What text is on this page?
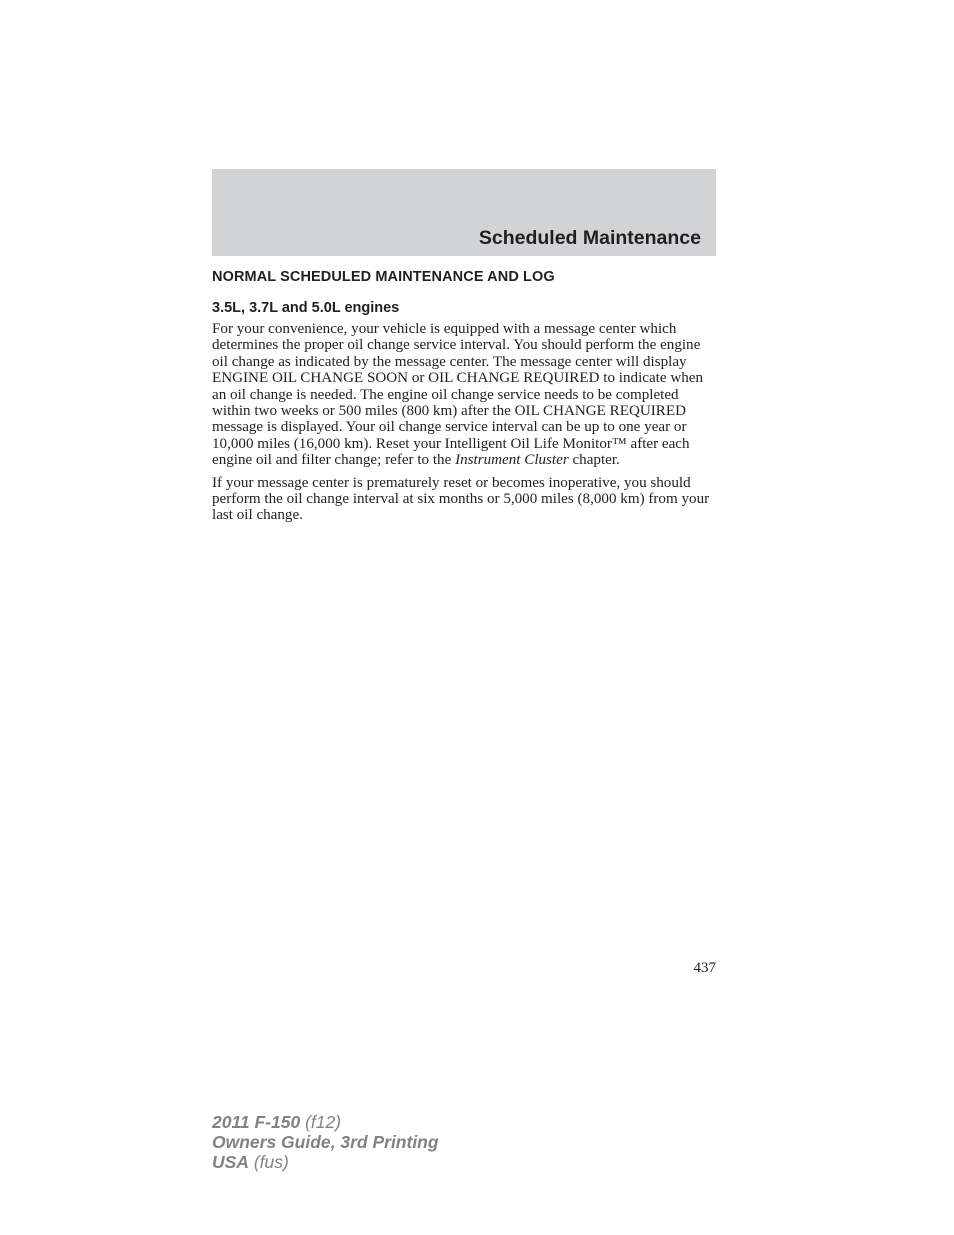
Scheduled Maintenance
NORMAL SCHEDULED MAINTENANCE AND LOG
3.5L, 3.7L and 5.0L engines

For your convenience, your vehicle is equipped with a message center which determines the proper oil change service interval. You should perform the engine oil change as indicated by the message center. The message center will display ENGINE OIL CHANGE SOON or OIL CHANGE REQUIRED to indicate when an oil change is needed. The engine oil change service needs to be completed within two weeks or 500 miles (800 km) after the OIL CHANGE REQUIRED message is displayed. Your oil change service interval can be up to one year or 10,000 miles (16,000 km). Reset your Intelligent Oil Life Monitor™ after each engine oil and filter change; refer to the Instrument Cluster chapter.

If your message center is prematurely reset or becomes inoperative, you should perform the oil change interval at six months or 5,000 miles (8,000 km) from your last oil change.

437
2011 F-150 (f12)
Owners Guide, 3rd Printing
USA (fus)
